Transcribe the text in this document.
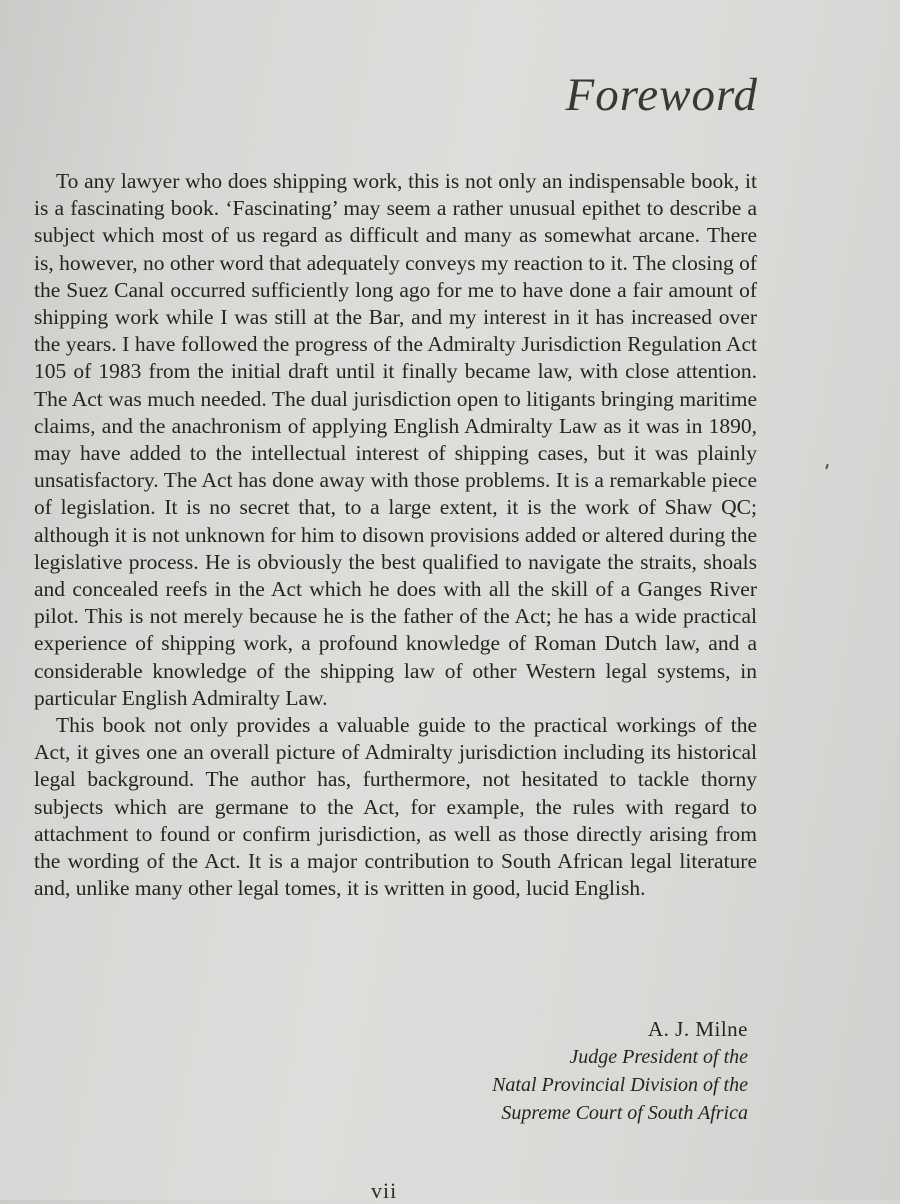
Foreword

To any lawyer who does shipping work, this is not only an indispensable book, it is a fascinating book. ‘Fascinating’ may seem a rather unusual epithet to describe a subject which most of us regard as difficult and many as somewhat arcane. There is, however, no other word that adequately conveys my reaction to it. The closing of the Suez Canal occurred sufficiently long ago for me to have done a fair amount of shipping work while I was still at the Bar, and my interest in it has increased over the years. I have followed the progress of the Admiralty Jurisdiction Regulation Act 105 of 1983 from the initial draft until it finally became law, with close attention. The Act was much needed. The dual jurisdiction open to litigants bringing maritime claims, and the anachronism of applying English Admiralty Law as it was in 1890, may have added to the intellectual interest of shipping cases, but it was plainly unsatisfactory. The Act has done away with those problems. It is a remarkable piece of legislation. It is no secret that, to a large extent, it is the work of Shaw QC; although it is not unknown for him to disown provisions added or altered during the legislative process. He is obviously the best qualified to navigate the straits, shoals and concealed reefs in the Act which he does with all the skill of a Ganges River pilot. This is not merely because he is the father of the Act; he has a wide practical experience of shipping work, a profound knowledge of Roman Dutch law, and a considerable knowledge of the shipping law of other Western legal systems, in particular English Admiralty Law.

This book not only provides a valuable guide to the practical workings of the Act, it gives one an overall picture of Admiralty jurisdiction including its historical legal background. The author has, furthermore, not hesitated to tackle thorny subjects which are germane to the Act, for example, the rules with regard to attachment to found or confirm jurisdiction, as well as those directly arising from the wording of the Act. It is a major contribution to South African legal literature and, unlike many other legal tomes, it is written in good, lucid English.

A. J. Milne
Judge President of the
Natal Provincial Division of the
Supreme Court of South Africa
vii
